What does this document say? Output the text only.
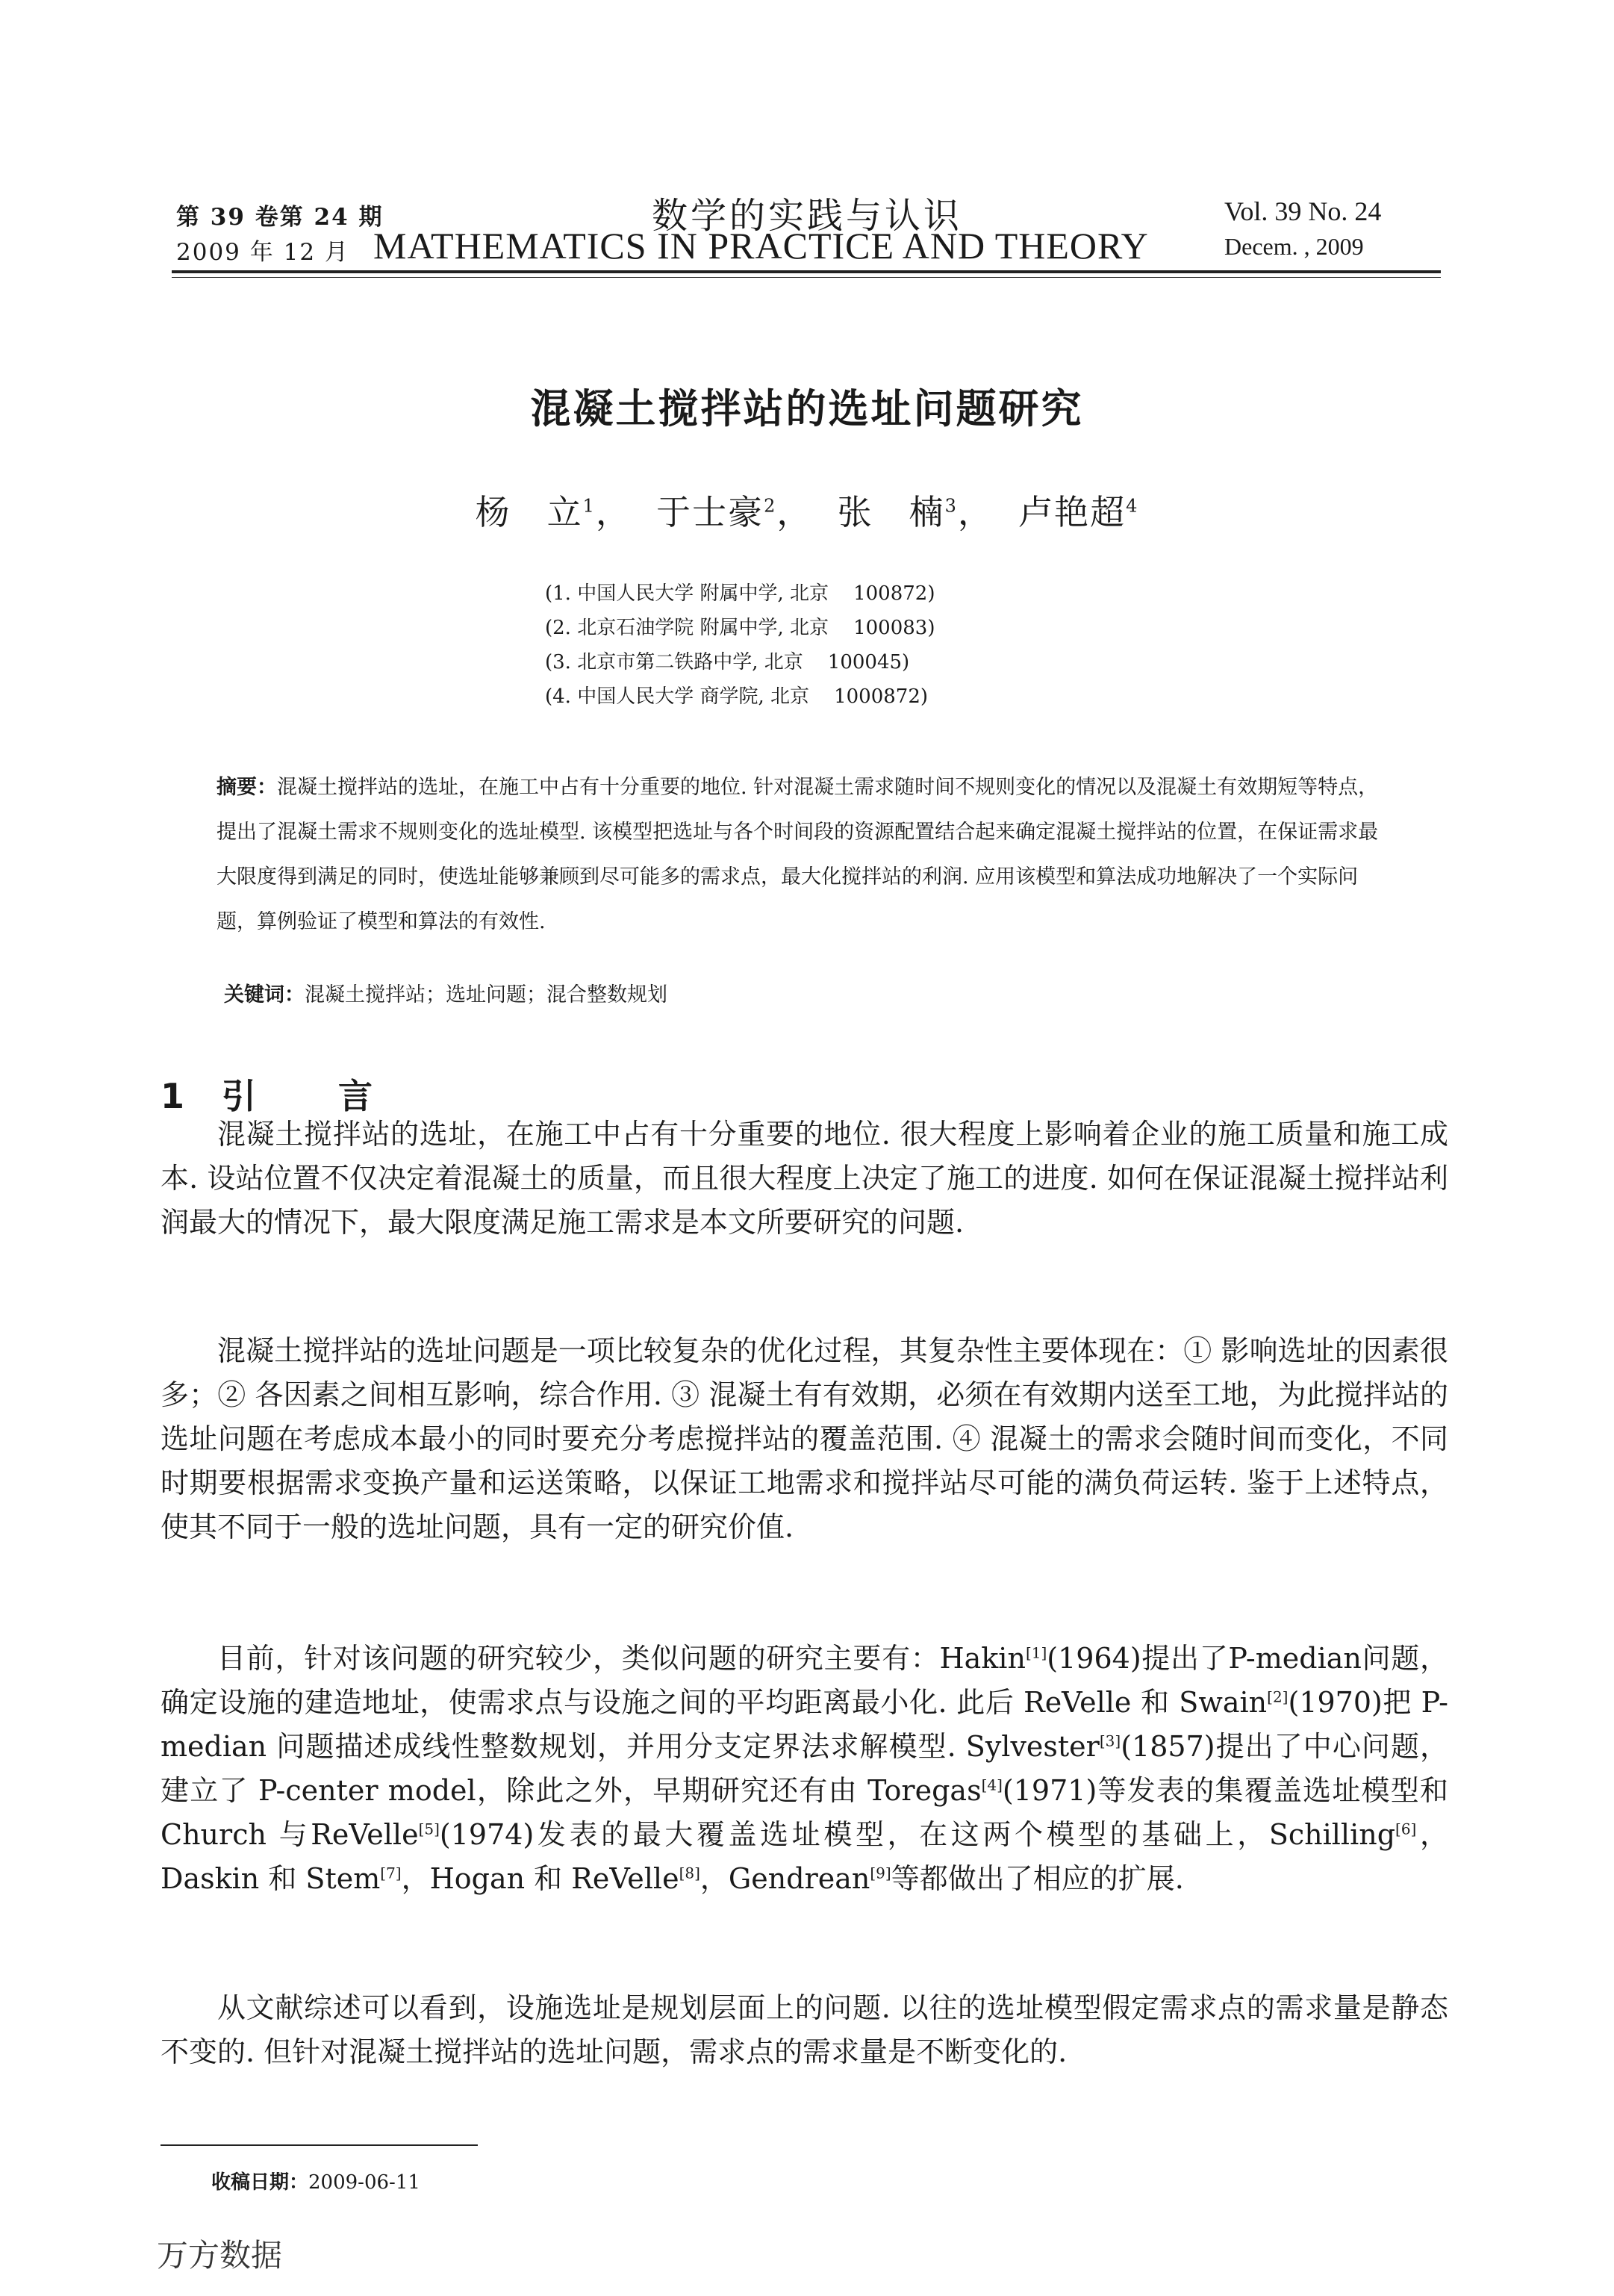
第 39 卷第 24 期
2009 年 12 月
数学的实践与认识
MATHEMATICS IN PRACTICE AND THEORY
Vol. 39 No. 24
Decem. , 2009
混凝土搅拌站的选址问题研究
杨　立$^1$，  于士豪$^2$，  张　楠$^3$，  卢艳超$^4$
(1. 中国人民大学 附属中学, 北京    100872)
(2. 北京石油学院 附属中学, 北京    100083)
(3. 北京市第二铁路中学, 北京    100045)
(4. 中国人民大学 商学院, 北京    1000872)
摘要：混凝土搅拌站的选址，在施工中占有十分重要的地位. 针对混凝土需求随时间不规则变化的情况以及混凝土有效期短等特点，提出了混凝土需求不规则变化的选址模型. 该模型把选址与各个时间段的资源配置结合起来确定混凝土搅拌站的位置，在保证需求最大限度得到满足的同时，使选址能够兼顾到尽可能多的需求点，最大化搅拌站的利润. 应用该模型和算法成功地解决了一个实际问题，算例验证了模型和算法的有效性.
关键词：混凝土搅拌站；选址问题；混合整数规划
1 引言

混凝土搅拌站的选址，在施工中占有十分重要的地位. 很大程度上影响着企业的施工质量和施工成本. 设站位置不仅决定着混凝土的质量，而且很大程度上决定了施工的进度. 如何在保证混凝土搅拌站利润最大的情况下，最大限度满足施工需求是本文所要研究的问题.

混凝土搅拌站的选址问题是一项比较复杂的优化过程，其复杂性主要体现在：① 影响选址的因素很多；② 各因素之间相互影响，综合作用. ③ 混凝土有有效期，必须在有效期内送至工地，为此搅拌站的选址问题在考虑成本最小的同时要充分考虑搅拌站的覆盖范围. ④ 混凝土的需求会随时间而变化，不同时期要根据需求变换产量和运送策略，以保证工地需求和搅拌站尽可能的满负荷运转. 鉴于上述特点，使其不同于一般的选址问题，具有一定的研究价值.

目前，针对该问题的研究较少，类似问题的研究主要有：Hakin[1](1964)提出了P-median问题，确定设施的建造地址，使需求点与设施之间的平均距离最小化. 此后 ReVelle 和 Swain[2](1970)把 P-median 问题描述成线性整数规划，并用分支定界法求解模型. Sylvester[3](1857)提出了中心问题，建立了 P-center model，除此之外，早期研究还有由 Toregas[4](1971)等发表的集覆盖选址模型和Church 与ReVelle[5](1974)发表的最大覆盖选址模型，在这两个模型的基础上，Schilling[6]，Daskin 和 Stem[7]，Hogan 和 ReVelle[8]，Gendrean[9]等都做出了相应的扩展.

从文献综述可以看到，设施选址是规划层面上的问题. 以往的选址模型假定需求点的需求量是静态不变的. 但针对混凝土搅拌站的选址问题，需求点的需求量是不断变化的.

收稿日期：2009-06-11
万方数据
